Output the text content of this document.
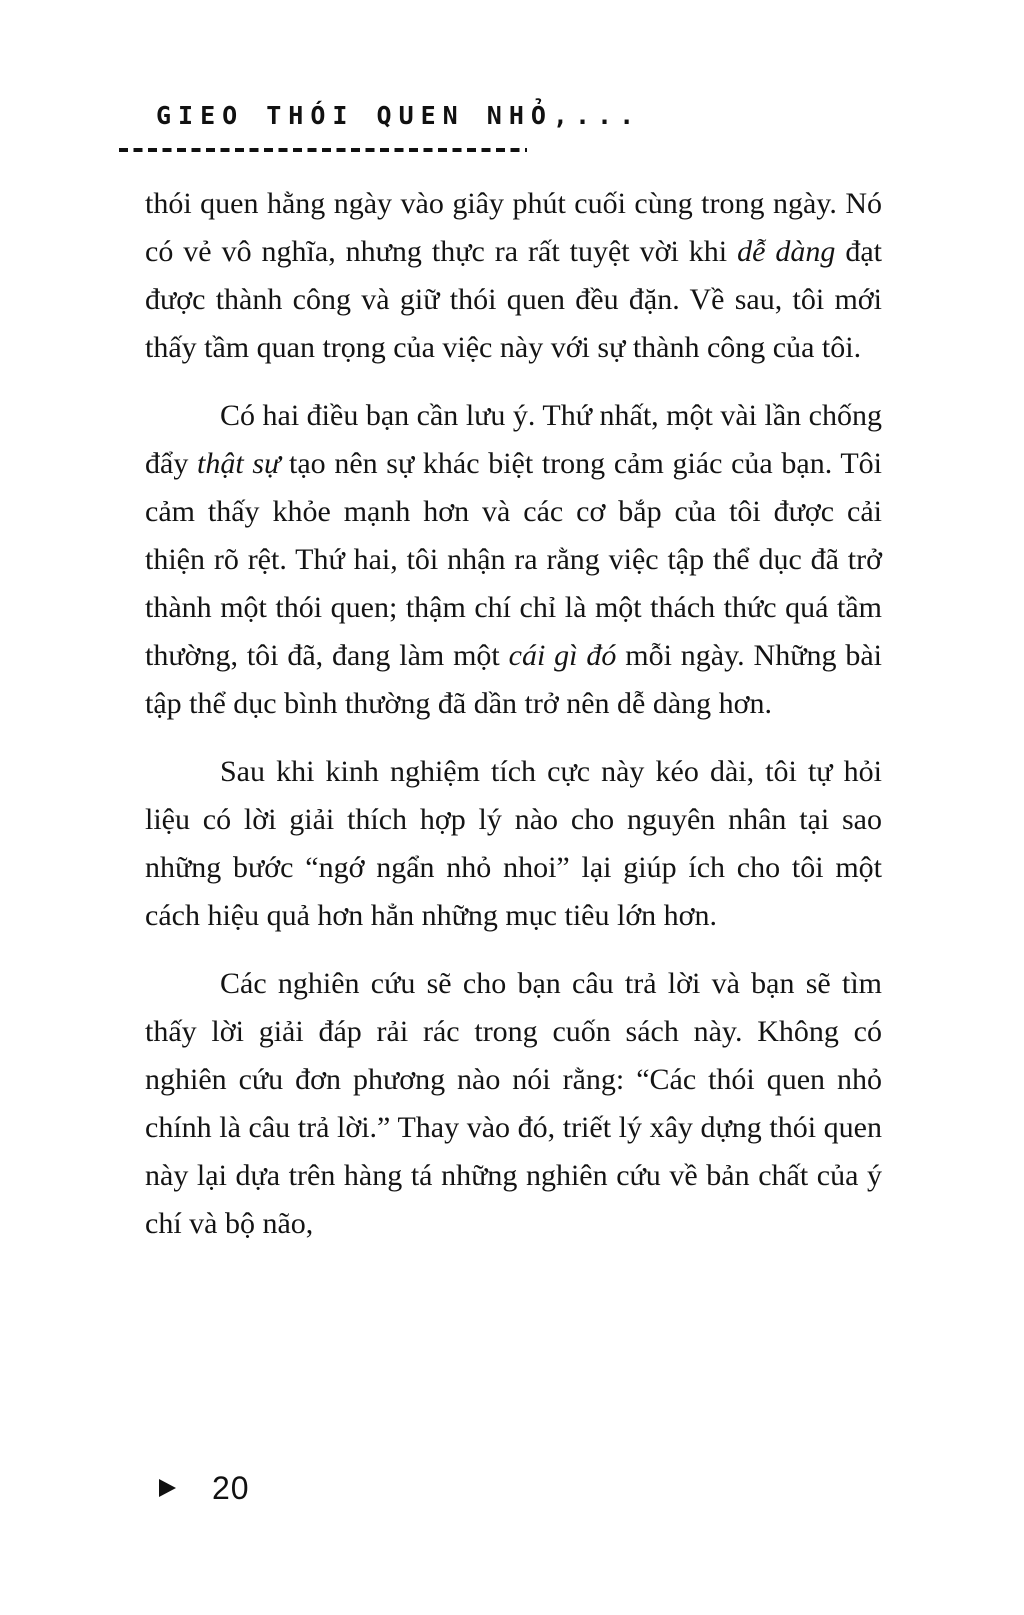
GIEO THÓI QUEN NHỎ,...

thói quen hằng ngày vào giây phút cuối cùng trong ngày. Nó có vẻ vô nghĩa, nhưng thực ra rất tuyệt vời khi dễ dàng đạt được thành công và giữ thói quen đều đặn. Về sau, tôi mới thấy tầm quan trọng của việc này với sự thành công của tôi.

Có hai điều bạn cần lưu ý. Thứ nhất, một vài lần chống đẩy thật sự tạo nên sự khác biệt trong cảm giác của bạn. Tôi cảm thấy khỏe mạnh hơn và các cơ bắp của tôi được cải thiện rõ rệt. Thứ hai, tôi nhận ra rằng việc tập thể dục đã trở thành một thói quen; thậm chí chỉ là một thách thức quá tầm thường, tôi đã, đang làm một cái gì đó mỗi ngày. Những bài tập thể dục bình thường đã dần trở nên dễ dàng hơn.

Sau khi kinh nghiệm tích cực này kéo dài, tôi tự hỏi liệu có lời giải thích hợp lý nào cho nguyên nhân tại sao những bước “ngớ ngẩn nhỏ nhoi” lại giúp ích cho tôi một cách hiệu quả hơn hẳn những mục tiêu lớn hơn.

Các nghiên cứu sẽ cho bạn câu trả lời và bạn sẽ tìm thấy lời giải đáp rải rác trong cuốn sách này. Không có nghiên cứu đơn phương nào nói rằng: “Các thói quen nhỏ chính là câu trả lời.” Thay vào đó, triết lý xây dựng thói quen này lại dựa trên hàng tá những nghiên cứu về bản chất của ý chí và bộ não,

20
